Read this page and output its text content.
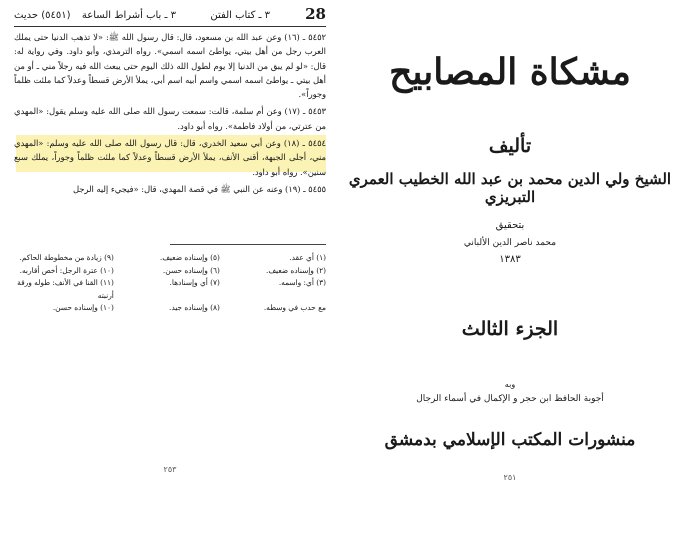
28
٣ ـ كتاب الفتن
٣ ـ باب أشراط الساعة
(٥٤٥١) حديث

٥٤٥٢ ـ (١٦) وعن عبد الله بن مسعود، قال: قال رسول الله ﷺ: «لا تذهب الدنيا حتى يملك العرب رجل من أهل بيتي، يواطئ اسمه اسمي». رواه الترمذي، وأبو داود. وفي رواية له: قال: «لو لم يبق من الدنيا إلا يوم لطول الله ذلك اليوم حتى يبعث الله فيه رجلاً مني ـ أو من أهل بيتي ـ يواطئ اسمه اسمي واسم أبيه اسم أبي، يملأ الأرض قسطاً وعدلاً كما ملئت ظلماً وجوراً».

٥٤٥٣ ـ (١٧) وعن أم سلمة، قالت: سمعت رسول الله صلى الله عليه وسلم يقول: «المهدي من عترتي، من أولاد فاطمة». رواه أبو داود.

٥٤٥٤ ـ (١٨) وعن أبي سعيد الخدري، قال: قال رسول الله صلى الله عليه وسلم: «المهدي مني، أجلى الجبهة، أقنى الأنف، يملأ الأرض قسطاً وعدلاً كما ملئت ظلماً وجوراً، يملك سبع سنين». رواه أبو داود.

٥٤٥٥ ـ (١٩) وعنه عن النبي ﷺ في قصة المهدي، قال: «فيجيء إليه الرجل

(١) أي عقد.
(٥) وإسناده ضعيف.
(٩) زيادة من مخطوطة الحاكم.
(٢) وإسناده ضعيف.
(٦) وإسناده حسن.
(١٠) عترة الرجل: أخص أقاربه.
(٣) أي: واسمه.
(٧) أي وإسنادها.
(١١) القنا في الأنف: طوله ورقة أرنبته
مع حدب في وسطه.
(٨) وإسناده جيد.
(١٠) وإسناده حسن.
٢٥٣
مشكاة المصابيح
تأليف
الشيخ ولي الدين محمد بن عبد الله الخطيب العمري التبريزي
بتحقيق
محمد ناصر الدين الألباني
١٣٨٣
الجزء الثالث
وبه
أجوبة الحافظ ابن حجر و الإكمال في أسماء الرجال
منشورات المكتب الإسلامي بدمشق
٢٥١
